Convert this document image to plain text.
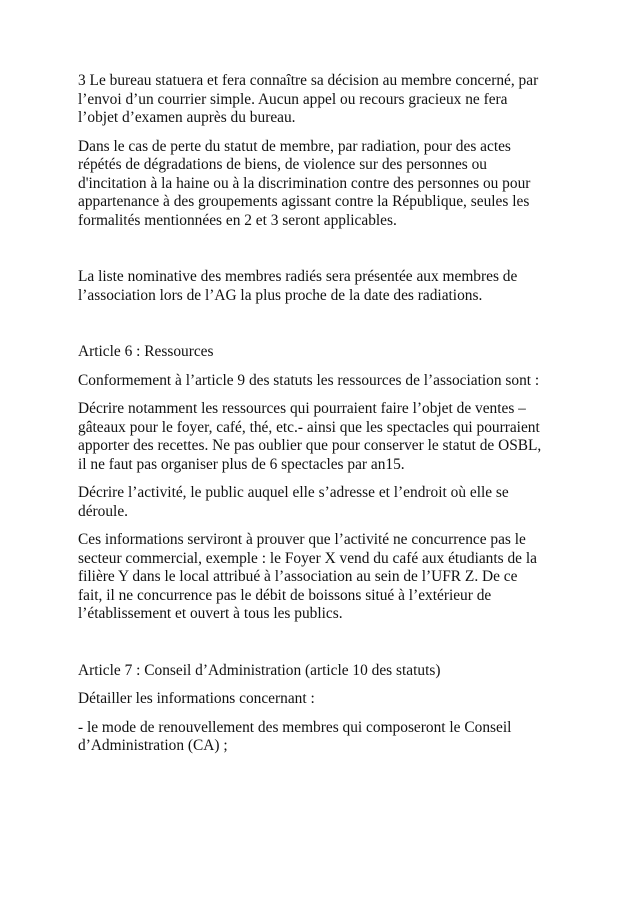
3 Le bureau statuera et fera connaître sa décision au membre concerné, par
l’envoi d’un courrier simple. Aucun appel ou recours gracieux ne fera
l’objet d’examen auprès du bureau.

Dans le cas de perte du statut de membre, par radiation, pour des actes
répétés de dégradations de biens, de violence sur des personnes ou
d'incitation à la haine ou à la discrimination contre des personnes ou pour
appartenance à des groupements agissant contre la République, seules les
formalités mentionnées en 2 et 3 seront applicables.

La liste nominative des membres radiés sera présentée aux membres de
l’association lors de l’AG la plus proche de la date des radiations.

Article 6 : Ressources

Conformement à l’article 9 des statuts les ressources de l’association sont :

Décrire notamment les ressources qui pourraient faire l’objet de ventes –
gâteaux pour le foyer, café, thé, etc.- ainsi que les spectacles qui pourraient
apporter des recettes. Ne pas oublier que pour conserver le statut de OSBL,
il ne faut pas organiser plus de 6 spectacles par an15.

Décrire l’activité, le public auquel elle s’adresse et l’endroit où elle se
déroule.

Ces informations serviront à prouver que l’activité ne concurrence pas le
secteur commercial, exemple : le Foyer X vend du café aux étudiants de la
filière Y dans le local attribué à l’association au sein de l’UFR Z. De ce
fait, il ne concurrence pas le débit de boissons situé à l’extérieur de
l’établissement et ouvert à tous les publics.

Article 7 : Conseil d’Administration (article 10 des statuts)

Détailler les informations concernant :

- le mode de renouvellement des membres qui composeront le Conseil
d’Administration (CA) ;
